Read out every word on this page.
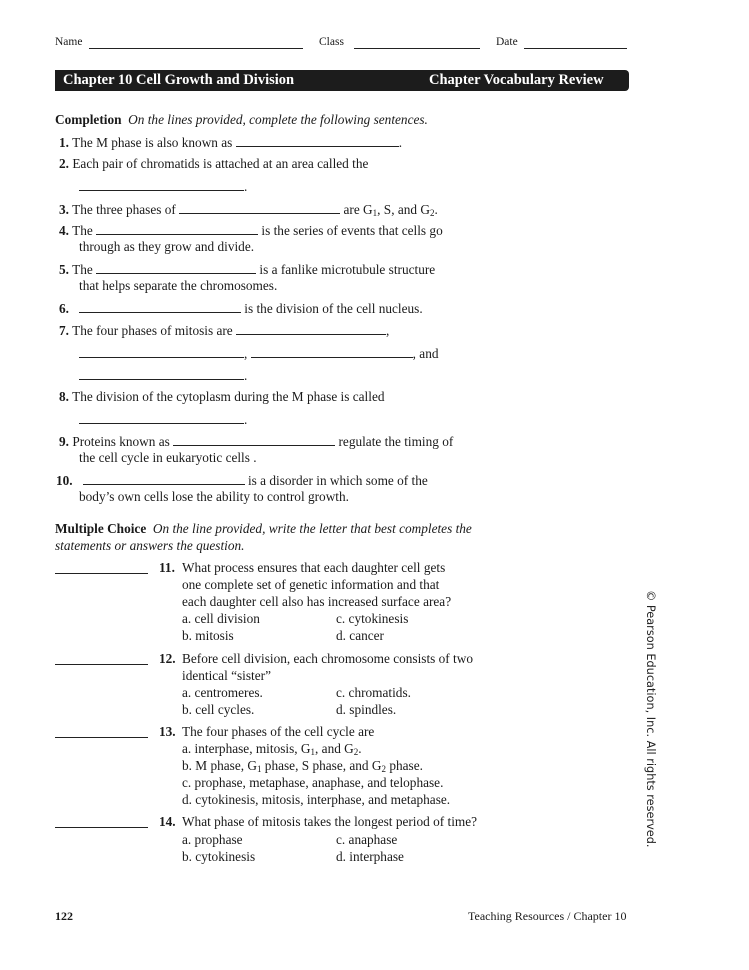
Name	Class	Date
Chapter 10 Cell Growth and Division	Chapter Vocabulary Review
Completion On the lines provided, complete the following sentences.
1. The M phase is also known as	.
2. Each pair of chromatids is attached at an area called the
.
3. The three phases of	are $G_1$, S, and $G_2$.
4. The	is the series of events that cells go
through as they grow and divide.
5. The	is a fanlike microtubule structure
that helps separate the chromosomes.
6.	is the division of the cell nucleus.
7. The four phases of mitosis are	,
,	, and
.
8. The division of the cytoplasm during the M phase is called
.
9. Proteins known as	regulate the timing of
the cell cycle in eukaryotic cells .
10.	is a disorder in which some of the
body’s own cells lose the ability to control growth.
Multiple Choice On the line provided, write the letter that best completes the
statements or answers the question.
11. What process ensures that each daughter cell gets
one complete set of genetic information and that
each daughter cell also has increased surface area?
a. cell division	c. cytokinesis
b. mitosis	d. cancer
12. Before cell division, each chromosome consists of two
identical “sister”
a. centromeres.	c. chromatids.
b. cell cycles.	d. spindles.
13. The four phases of the cell cycle are
a. interphase, mitosis, $G_1$, and $G_2$.
b. M phase, $G_1$ phase, S phase, and $G_2$ phase.
c. prophase, metaphase, anaphase, and telophase.
d. cytokinesis, mitosis, interphase, and metaphase.
14. What phase of mitosis takes the longest period of time?
a. prophase	c. anaphase
b. cytokinesis	d. interphase
© Pearson Education, Inc. All rights reserved.
122	Teaching Resources / Chapter 10
